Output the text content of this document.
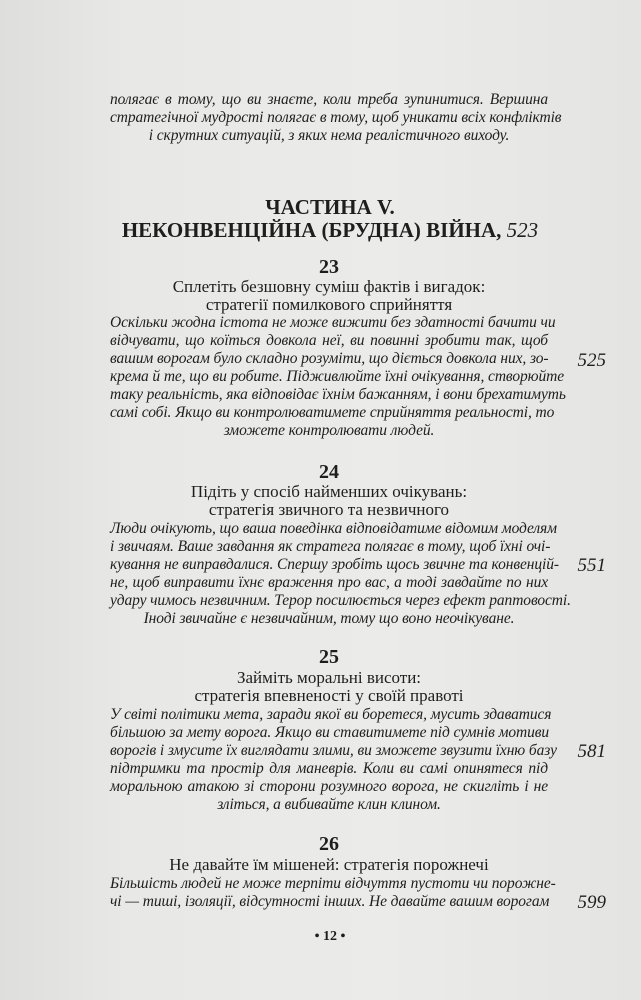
полягає в тому, що ви знаєте, коли треба зупинитися. Вершина
стратегічної мудрості полягає в тому, щоб уникати всіх конфліктів
і скрутних ситуацій, з яких нема реалістичного виходу.
ЧАСТИНА V.
НЕКОНВЕНЦІЙНА (БРУДНА) ВІЙНА, 523
23
Сплетіть безшовну суміш фактів і вигадок:
стратегії помилкового сприйняття
Оскільки жодна істота не може вижити без здатності бачити чи
відчувати, що коїться довкола неї, ви повинні зробити так, щоб
вашим ворогам було складно розуміти, що діється довкола них, зо-
крема й те, що ви робите. Підживлюйте їхні очікування, створюйте
таку реальність, яка відповідає їхнім бажанням, і вони брехатимуть
самі собі. Якщо ви контролюватимете сприйняття реальності, то
зможете контролювати людей.
525
24
Підіть у спосіб найменших очікувань:
стратегія звичного та незвичного
Люди очікують, що ваша поведінка відповідатиме відомим моделям
і звичаям. Ваше завдання як стратега полягає в тому, щоб їхні очі-
кування не виправдалися. Спершу зробіть щось звичне та конвенцій-
не, щоб виправити їхнє враження про вас, а тоді завдайте по них
удару чимось незвичним. Терор посилюється через ефект раптовості.
Іноді звичайне є незвичайним, тому що воно неочікуване.
551
25
Займіть моральні висоти:
стратегія впевненості у своїй правоті
У світі політики мета, заради якої ви боретеся, мусить здаватися
більшою за мету ворога. Якщо ви ставитимете під сумнів мотиви
ворогів і змусите їх виглядати злими, ви зможете звузити їхню базу
підтримки та простір для маневрів. Коли ви самі опинятеся під
моральною атакою зі сторони розумного ворога, не скигліть і не
зліться, а вибивайте клин клином.
581
26
Не давайте їм мішеней: стратегія порожнечі
Більшість людей не може терпіти відчуття пустоти чи порожне-
чі — тиші, ізоляції, відсутності інших. Не давайте вашим ворогам	599
• 12 •
